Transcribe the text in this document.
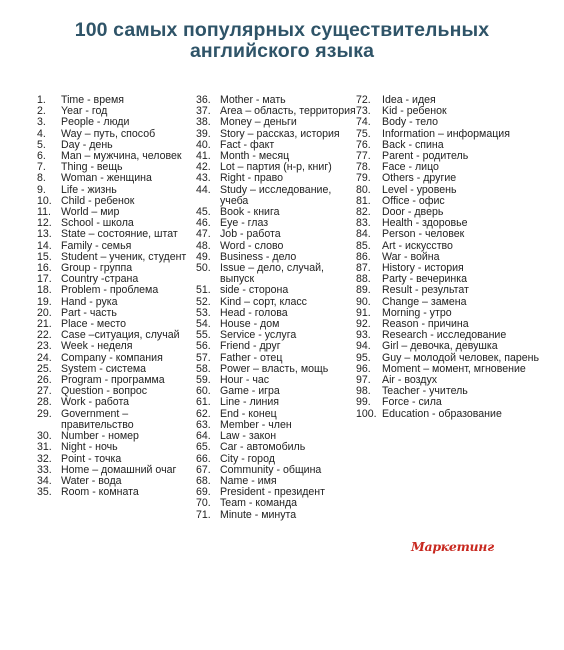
100 самых популярных существительных
английского языка
1.	Time - время
2.	Year - год
3.	People - люди
4.	Way – путь, способ
5.	Day - день
6.	Man – мужчина, человек
7.	Thing - вещь
8.	Woman - женщина
9.	Life - жизнь
10. Child - ребенок
11. World – мир
12. School - школа
13. State – состояние, штат
14. Family - семья
15. Student – ученик, студент
16. Group - группа
17. Country -страна
18. Problem - проблема
19. Hand - рука
20. Part - часть
21. Place - место
22. Case –ситуация, случай
23. Week - неделя
24. Company - компания
25. System - система
26. Program - программа
27. Question - вопрос
28. Work - работа
29. Government – правительство
30. Number - номер
31. Night - ночь
32. Point - точка
33. Home – домашний очаг
34. Water - вода
35. Room - комната
36. Mother - мать
37. Area – область, территория
38. Money – деньги
39. Story – рассказ, история
40. Fact - факт
41. Month - месяц
42. Lot – партия (н-р, книг)
43. Right - право
44. Study – исследование, учеба
45. Book - книга
46. Eye - глаз
47. Job - работа
48. Word - слово
49. Business - дело
50. Issue – дело, случай, выпуск
51. side - сторона
52. Kind – сорт, класс
53. Head - голова
54. House - дом
55. Service - услуга
56. Friend - друг
57. Father - отец
58. Power – власть, мощь
59. Hour - час
60. Game - игра
61. Line - линия
62. End - конец
63. Member - член
64. Law - закон
65. Car - автомобиль
66. City - город
67. Community - община
68. Name - имя
69. President - президент
70. Team - команда
71. Minute - минута
72.	Idea - идея
73.	Kid - ребенок
74.	Body - тело
75.	Information – информация
76.	Back - спина
77.	Parent - родитель
78.	Face - лицо
79.	Others - другие
80.	Level - уровень
81.	Office - офис
82.	Door - дверь
83.	Health - здоровье
84.	Person - человек
85.	Art - искусство
86.	War - война
87.	History - история
88.	Party - вечеринка
89.	Result - результат
90.	Change – замена
91.	Morning - утро
92.	Reason - причина
93.	Research - исследование
94.	Girl – девочка, девушка
95.	Guy – молодой человек, парень
96.	Moment – момент, мгновение
97.	Air - воздух
98.	Teacher - учитель
99.	Force - сила
100. Education - образование
Маркетинг
